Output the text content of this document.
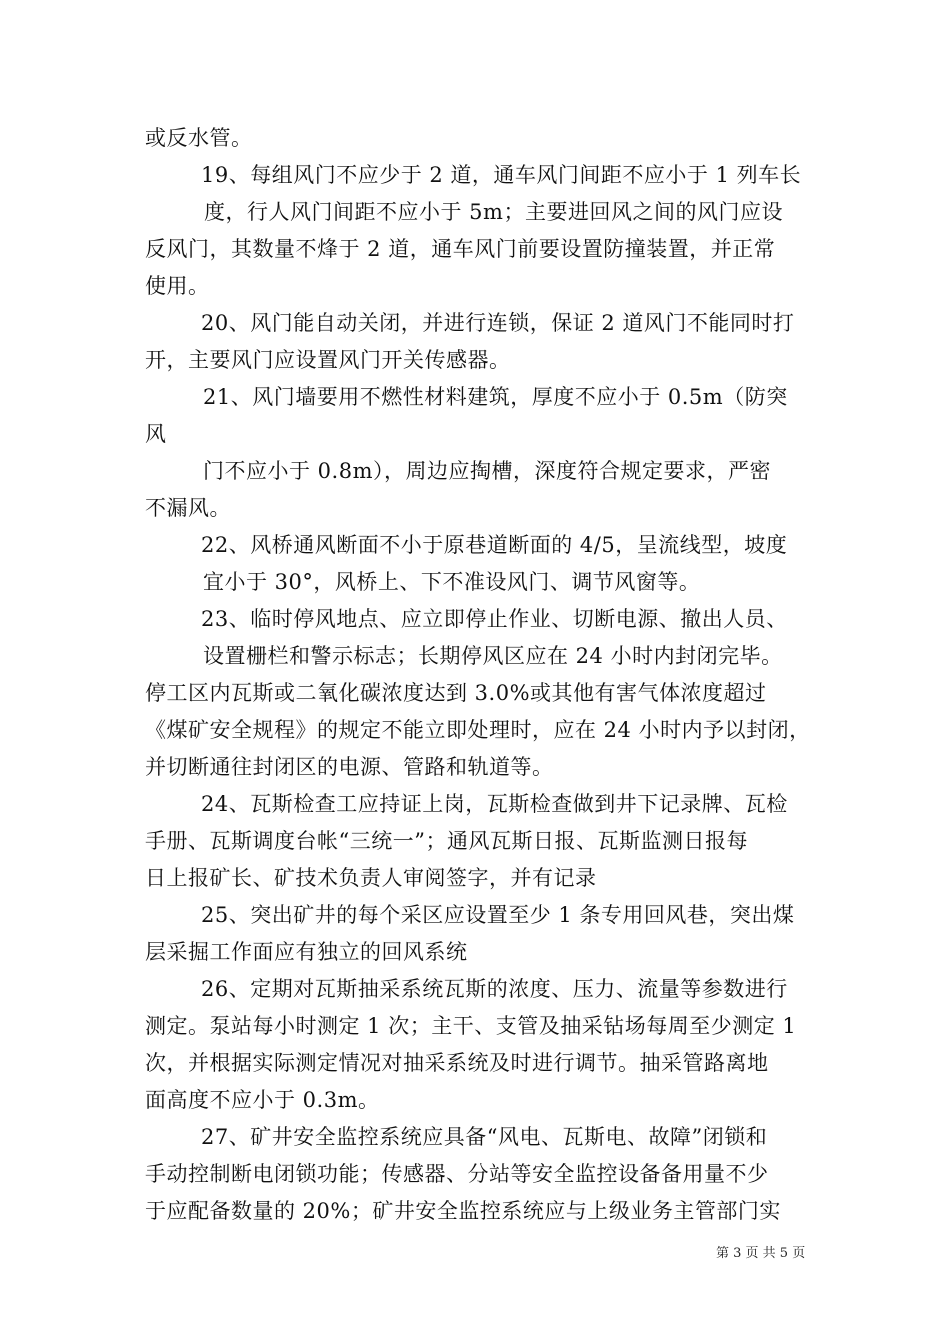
或反水管。
19、每组风门不应少于 2 道，通车风门间距不应小于 1 列车长
度，行人风门间距不应小于 5m；主要进回风之间的风门应设
反风门，其数量不烽于 2 道，通车风门前要设置防撞装置，并正常
使用。
20、风门能自动关闭，并进行连锁，保证 2 道风门不能同时打
开，主要风门应设置风门开关传感器。
21、风门墙要用不燃性材料建筑，厚度不应小于 0.5m（防突
风
门不应小于 0.8m），周边应掏槽，深度符合规定要求，严密
不漏风。
22、风桥通风断面不小于原巷道断面的 4/5，呈流线型，坡度
宜小于 30°，风桥上、下不准设风门、调节风窗等。
23、临时停风地点、应立即停止作业、切断电源、撤出人员、
设置栅栏和警示标志；长期停风区应在 24 小时内封闭完毕。
停工区内瓦斯或二氧化碳浓度达到 3.0%或其他有害气体浓度超过
《煤矿安全规程》的规定不能立即处理时，应在 24 小时内予以封闭，
并切断通往封闭区的电源、管路和轨道等。
24、瓦斯检查工应持证上岗，瓦斯检查做到井下记录牌、瓦检
手册、瓦斯调度台帐“三统一”；通风瓦斯日报、瓦斯监测日报每
日上报矿长、矿技术负责人审阅签字，并有记录
25、突出矿井的每个采区应设置至少 1 条专用回风巷，突出煤
层采掘工作面应有独立的回风系统
26、定期对瓦斯抽采系统瓦斯的浓度、压力、流量等参数进行
测定。泵站每小时测定 1 次；主干、支管及抽采钻场每周至少测定 1
次，并根据实际测定情况对抽采系统及时进行调节。抽采管路离地
面高度不应小于 0.3m。
27、矿井安全监控系统应具备“风电、瓦斯电、故障”闭锁和
手动控制断电闭锁功能；传感器、分站等安全监控设备备用量不少
于应配备数量的 20%；矿井安全监控系统应与上级业务主管部门实
第 3 页 共 5 页
